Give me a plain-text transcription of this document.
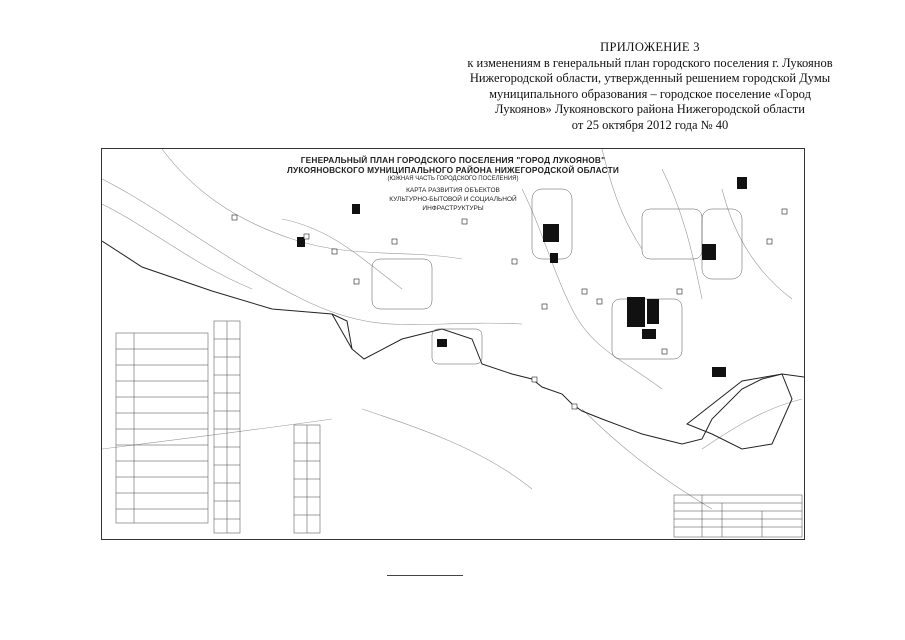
ПРИЛОЖЕНИЕ 3
к изменениям в генеральный план городского поселения г. Лукоянов
Нижегородской области, утвержденный решением городской Думы
муниципального образования – городское поселение «Город
Лукоянов» Лукояновского района Нижегородской области
от 25 октября 2012 года № 40
ГЕНЕРАЛЬНЫЙ ПЛАН ГОРОДСКОГО ПОСЕЛЕНИЯ "ГОРОД ЛУКОЯНОВ"
ЛУКОЯНОВСКОГО МУНИЦИПАЛЬНОГО РАЙОНА НИЖЕГОРОДСКОЙ ОБЛАСТИ
(ЮЖНАЯ ЧАСТЬ ГОРОДСКОГО ПОСЕЛЕНИЯ)
КАРТА РАЗВИТИЯ ОБЪЕКТОВ
КУЛЬТУРНО-БЫТОВОЙ И СОЦИАЛЬНОЙ
ИНФРАСТРУКТУРЫ
